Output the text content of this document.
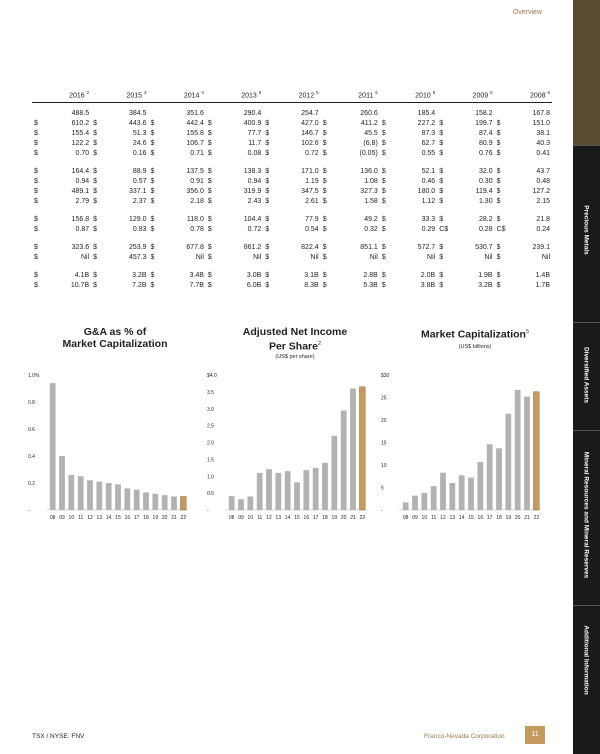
Overview
Precious Metals
Diversified Assets
Mineral Resources and Mineral Reserves
Additional Information
2016 $^2$		2015 $^3$		2014 $^4$		2013 $^5$		2012 $^5$		2011 $^5$		2010 $^5$		2009 $^6$		2008 $^6$

	488.5		384.5		351.6		290.4		254.7		260.6		185.4		158.2		167.8
$	610.2	$	443.6	$	442.4	$	400.9	$	427.0	$	411.2	$	227.2	$	199.7	$	151.0
$	155.4	$	51.3	$	155.8	$	77.7	$	146.7	$	45.5	$	87.3	$	87.4	$	38.1
$	122.2	$	24.6	$	106.7	$	11.7	$	102.6	$	(6.8)	$	62.7	$	80.9	$	40.3
$	0.70	$	0.16	$	0.71	$	0.08	$	0.72	$	(0.05)	$	0.55	$	0.76	$	0.41

$	164.4	$	88.9	$	137.5	$	138.3	$	171.0	$	136.0	$	52.1	$	32.0	$	43.7
$	0.94	$	0.57	$	0.91	$	0.94	$	1.19	$	1.08	$	0.46	$	0.30	$	0.48
$	489.1	$	337.1	$	356.0	$	319.9	$	347.5	$	327.3	$	180.0	$	119.4	$	127.2
$	2.79	$	2.37	$	2.18	$	2.43	$	2.61	$	1.58	$	1.12	$	1.30	$	2.15

$	156.8	$	129.0	$	118.0	$	104.4	$	77.9	$	49.2	$	33.3	$	28.2	$	21.8
$	0.87	$	0.83	$	0.78	$	0.72	$	0.54	$	0.32	$	0.29	C$	0.28	C$	0.24

$	323.6	$	253.9	$	677.8	$	861.2	$	822.4	$	851.1	$	572.7	$	530.7	$	239.1
$	Nil	$	457.3	$	Nil	$	Nil	$	Nil	$	Nil	$	Nil	$	Nil	$	Nil

$	4.1B	$	3.2B	$	3.4B	$	3.0B	$	3.1B	$	2.8B	$	2.0B	$	1.9B	$	1.4B
$	10.7B	$	7.2B	$	7.7B	$	6.0B	$	8.3B	$	5.3B	$	3.8B	$	3.2B	$	1.7B
G&A as % of
Market Capitalization
1.0%
0.8
0.6
0.4
0.2
-
08 09 10 11 12 13 14 15 16 17 18 19 20 21 22
Adjusted Net Income
Per Share$^2$
(US$ per share)
$4.0
3.5
3.0
2.5
2.0
1.5
1.0
0.5
-
08 09 10 11 12 13 14 15 16 17 18 19 20 21 22
Market Capitalization$^5$
(US$ billions)
$30
25
20
15
10
5
-
08 09 10 11 12 13 14 15 16 17 18 19 20 21 22
TSX / NYSE: FNV	Franco-Nevada Corporation	11
